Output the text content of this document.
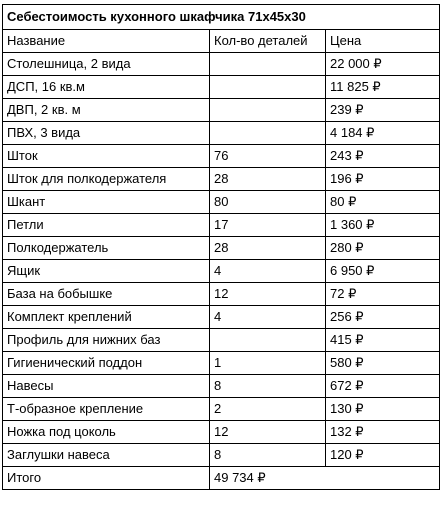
Себестоимость кухонного шкафчика 71х45х30		
Название	Кол-во деталей	Цена
Столешница, 2 вида		22 000 ₽
ДСП, 16 кв.м		11 825 ₽
ДВП, 2 кв. м		239 ₽
ПВХ, 3 вида		4 184 ₽
Шток	76	243 ₽
Шток для полкодержателя	28	196 ₽
Шкант	80	80 ₽
Петли	17	1 360 ₽
Полкодержатель	28	280 ₽
Ящик	4	6 950 ₽
База на бобышке	12	72 ₽
Комплект креплений	4	256 ₽
Профиль для нижних баз		415 ₽
Гигиенический поддон	1	580 ₽
Навесы	8	672 ₽
Т-образное крепление	2	130 ₽
Ножка под цоколь	12	132 ₽
Заглушки навеса	8	120 ₽
Итого	49 734 ₽	
